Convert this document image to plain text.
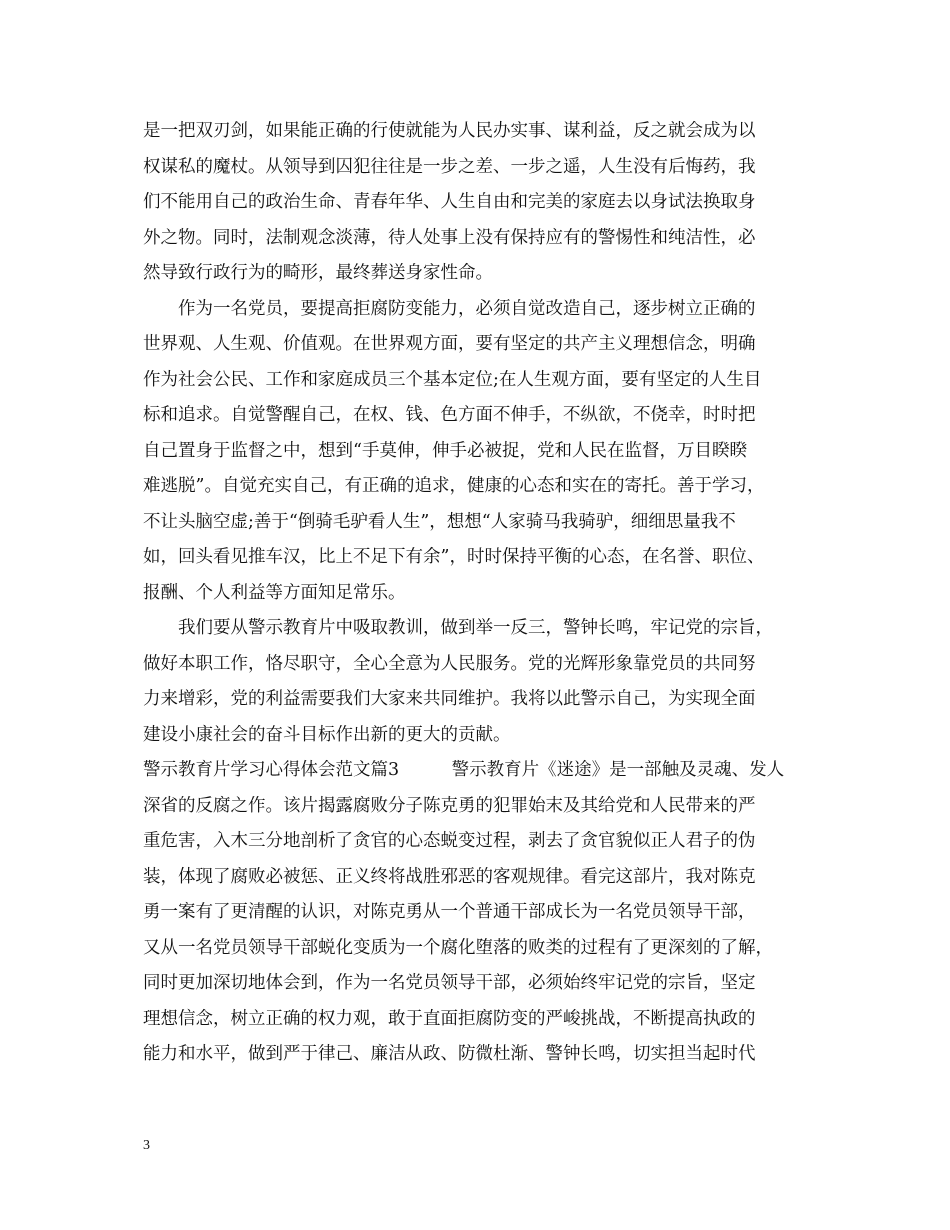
是一把双刃剑，如果能正确的行使就能为人民办实事、谋利益，反之就会成为以
权谋私的魔杖。从领导到囚犯往往是一步之差、一步之遥，人生没有后悔药，我
们不能用自己的政治生命、青春年华、人生自由和完美的家庭去以身试法换取身
外之物。同时，法制观念淡薄，待人处事上没有保持应有的警惕性和纯洁性，必
然导致行政行为的畸形，最终葬送身家性命。
作为一名党员，要提高拒腐防变能力，必须自觉改造自己，逐步树立正确的
世界观、人生观、价值观。在世界观方面，要有坚定的共产主义理想信念，明确
作为社会公民、工作和家庭成员三个基本定位;在人生观方面，要有坚定的人生目
标和追求。自觉警醒自己，在权、钱、色方面不伸手，不纵欲，不侥幸，时时把
自己置身于监督之中，想到“手莫伸，伸手必被捉，党和人民在监督，万目睽睽
难逃脱”。自觉充实自己，有正确的追求，健康的心态和实在的寄托。善于学习，
不让头脑空虚;善于“倒骑毛驴看人生”，想想“人家骑马我骑驴，细细思量我不
如，回头看见推车汉，比上不足下有余”，时时保持平衡的心态，在名誉、职位、
报酬、个人利益等方面知足常乐。
我们要从警示教育片中吸取教训，做到举一反三，警钟长鸣，牢记党的宗旨，
做好本职工作，恪尽职守，全心全意为人民服务。党的光辉形象靠党员的共同努
力来增彩，党的利益需要我们大家来共同维护。我将以此警示自己，为实现全面
建设小康社会的奋斗目标作出新的更大的贡献。
警示教育片学习心得体会范文篇3　　　警示教育片《迷途》是一部触及灵魂、发人
深省的反腐之作。该片揭露腐败分子陈克勇的犯罪始末及其给党和人民带来的严
重危害，入木三分地剖析了贪官的心态蜕变过程，剥去了贪官貌似正人君子的伪
装，体现了腐败必被惩、正义终将战胜邪恶的客观规律。看完这部片，我对陈克
勇一案有了更清醒的认识，对陈克勇从一个普通干部成长为一名党员领导干部，
又从一名党员领导干部蜕化变质为一个腐化堕落的败类的过程有了更深刻的了解，
同时更加深切地体会到，作为一名党员领导干部，必须始终牢记党的宗旨，坚定
理想信念，树立正确的权力观，敢于直面拒腐防变的严峻挑战，不断提高执政的
能力和水平，做到严于律己、廉洁从政、防微杜渐、警钟长鸣，切实担当起时代
3
